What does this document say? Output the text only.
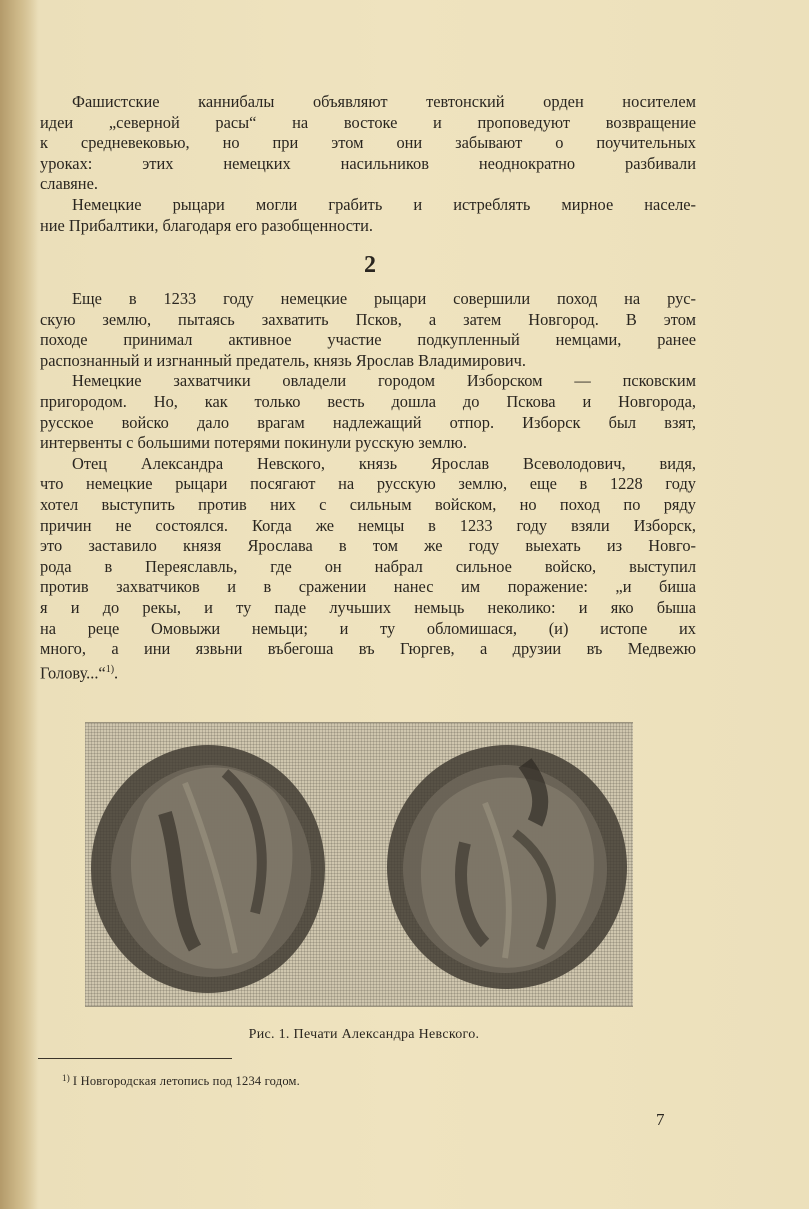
Фашистские каннибалы объявляют тевтонский орден носителем
идеи „северной расы“ на востоке и проповедуют возвращение
к средневековью, но при этом они забывают о поучительных
уроках: этих немецких насильников неоднократно разбивали
славяне.

Немецкие рыцари могли грабить и истреблять мирное населе-
ние Прибалтики, благодаря его разобщенности.

2

Еще в 1233 году немецкие рыцари совершили поход на рус-
скую землю, пытаясь захватить Псков, а затем Новгород. В этом
походе принимал активное участие подкупленный немцами, ранее
распознанный и изгнанный предатель, князь Ярослав Владимирович.

Немецкие захватчики овладели городом Изборском — псковским
пригородом. Но, как только весть дошла до Пскова и Новгорода,
русское войско дало врагам надлежащий отпор. Изборск был взят,
интервенты с большими потерями покинули русскую землю.

Отец Александра Невского, князь Ярослав Всеволодович, видя,
что немецкие рыцари посягают на русскую землю, еще в 1228 году
хотел выступить против них с сильным войском, но поход по ряду
причин не состоялся. Когда же немцы в 1233 году взяли Изборск,
это заставило князя Ярослава в том же году выехать из Новго-
рода в Переяславль, где он набрал сильное войско, выступил
против захватчиков и в сражении нанес им поражение: „и биша
я и до рекы, и ту паде лучьших немьць неколико: и яко быша
на реце Омовыжи немьци; и ту обломишася, (и) истопе их
много, а ини язвьни въбегоша въ Гюргев, а друзии въ Медвежю
Голову...“$^{1)}$.

Рис. 1. Печати Александра Невского.
$^{1)}$ I Новгородская летопись под 1234 годом.
7
